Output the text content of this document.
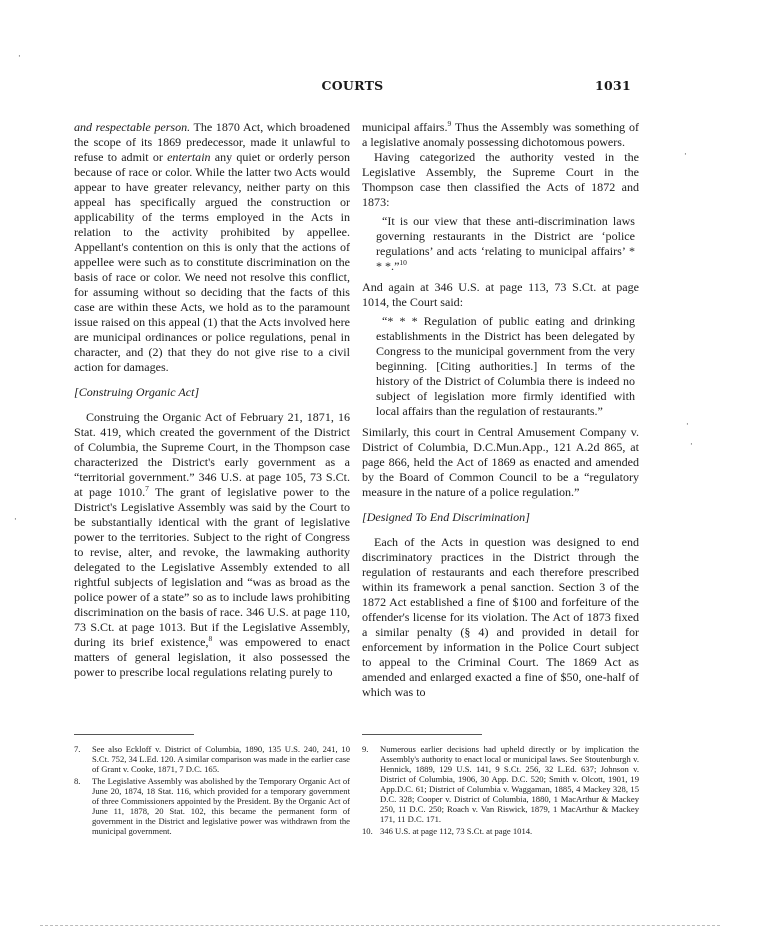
COURTS	1031

and respectable person. The 1870 Act, which broadened the scope of its 1869 predecessor, made it unlawful to refuse to admit or entertain any quiet or orderly person because of race or color. While the latter two Acts would appear to have greater relevancy, neither party on this appeal has specifically argued the construction or applicability of the terms employed in the Acts in relation to the activity prohibited by appellee. Appellant's contention on this is only that the actions of appellee were such as to constitute discrimination on the basis of race or color. We need not resolve this conflict, for assuming without so deciding that the facts of this case are within these Acts, we hold as to the paramount issue raised on this appeal (1) that the Acts involved here are municipal ordinances or police regulations, penal in character, and (2) that they do not give rise to a civil action for damages.

[Construing Organic Act]

Construing the Organic Act of February 21, 1871, 16 Stat. 419, which created the government of the District of Columbia, the Supreme Court, in the Thompson case characterized the District's early government as a “territorial government.” 346 U.S. at page 105, 73 S.Ct. at page 1010.$^7$ The grant of legislative power to the District's Legislative Assembly was said by the Court to be substantially identical with the grant of legislative power to the territories. Subject to the right of Congress to revise, alter, and revoke, the lawmaking authority delegated to the Legislative Assembly extended to all rightful subjects of legislation and “was as broad as the police power of a state” so as to include laws prohibiting discrimination on the basis of race. 346 U.S. at page 110, 73 S.Ct. at page 1013. But if the Legislative Assembly, during its brief existence,$^8$ was empowered to enact matters of general legislation, it also possessed the power to prescribe local regulations relating purely to

municipal affairs.$^9$ Thus the Assembly was something of a legislative anomaly possessing dichotomous powers.

Having categorized the authority vested in the Legislative Assembly, the Supreme Court in the Thompson case then classified the Acts of 1872 and 1873:

“It is our view that these anti-discrimination laws governing restaurants in the District are ‘police regulations’ and acts ‘relating to municipal affairs’ * * *.”$^{10}$

And again at 346 U.S. at page 113, 73 S.Ct. at page 1014, the Court said:

“* * * Regulation of public eating and drinking establishments in the District has been delegated by Congress to the municipal government from the very beginning. [Citing authorities.] In terms of the history of the District of Columbia there is indeed no subject of legislation more firmly identified with local affairs than the regulation of restaurants.”

Similarly, this court in Central Amusement Company v. District of Columbia, D.C.Mun.App., 121 A.2d 865, at page 866, held the Act of 1869 as enacted and amended by the Board of Common Council to be a “regulatory measure in the nature of a police regulation.”

[Designed To End Discrimination]

Each of the Acts in question was designed to end discriminatory practices in the District through the regulation of restaurants and each therefore prescribed within its framework a penal sanction. Section 3 of the 1872 Act established a fine of $100 and forfeiture of the offender's license for its violation. The Act of 1873 fixed a similar penalty (§ 4) and provided in detail for enforcement by information in the Police Court subject to appeal to the Criminal Court. The 1869 Act as amended and enlarged exacted a fine of $50, one-half of which was to

7. See also Eckloff v. District of Columbia, 1890, 135 U.S. 240, 241, 10 S.Ct. 752, 34 L.Ed. 120. A similar comparison was made in the earlier case of Grant v. Cooke, 1871, 7 D.C. 165.
8. The Legislative Assembly was abolished by the Temporary Organic Act of June 20, 1874, 18 Stat. 116, which provided for a temporary government of three Commissioners appointed by the President. By the Organic Act of June 11, 1878, 20 Stat. 102, this became the permanent form of government in the District and legislative power was withdrawn from the municipal government.
9. Numerous earlier decisions had upheld directly or by implication the Assembly's authority to enact local or municipal laws. See Stoutenburgh v. Hennick, 1889, 129 U.S. 141, 9 S.Ct. 256, 32 L.Ed. 637; Johnson v. District of Columbia, 1906, 30 App. D.C. 520; Smith v. Olcott, 1901, 19 App.D.C. 61; District of Columbia v. Waggaman, 1885, 4 Mackey 328, 15 D.C. 328; Cooper v. District of Columbia, 1880, 1 MacArthur & Mackey 250, 11 D.C. 250; Roach v. Van Riswick, 1879, 1 MacArthur & Mackey 171, 11 D.C. 171.
10. 346 U.S. at page 112, 73 S.Ct. at page 1014.
·
·
·
·
·
